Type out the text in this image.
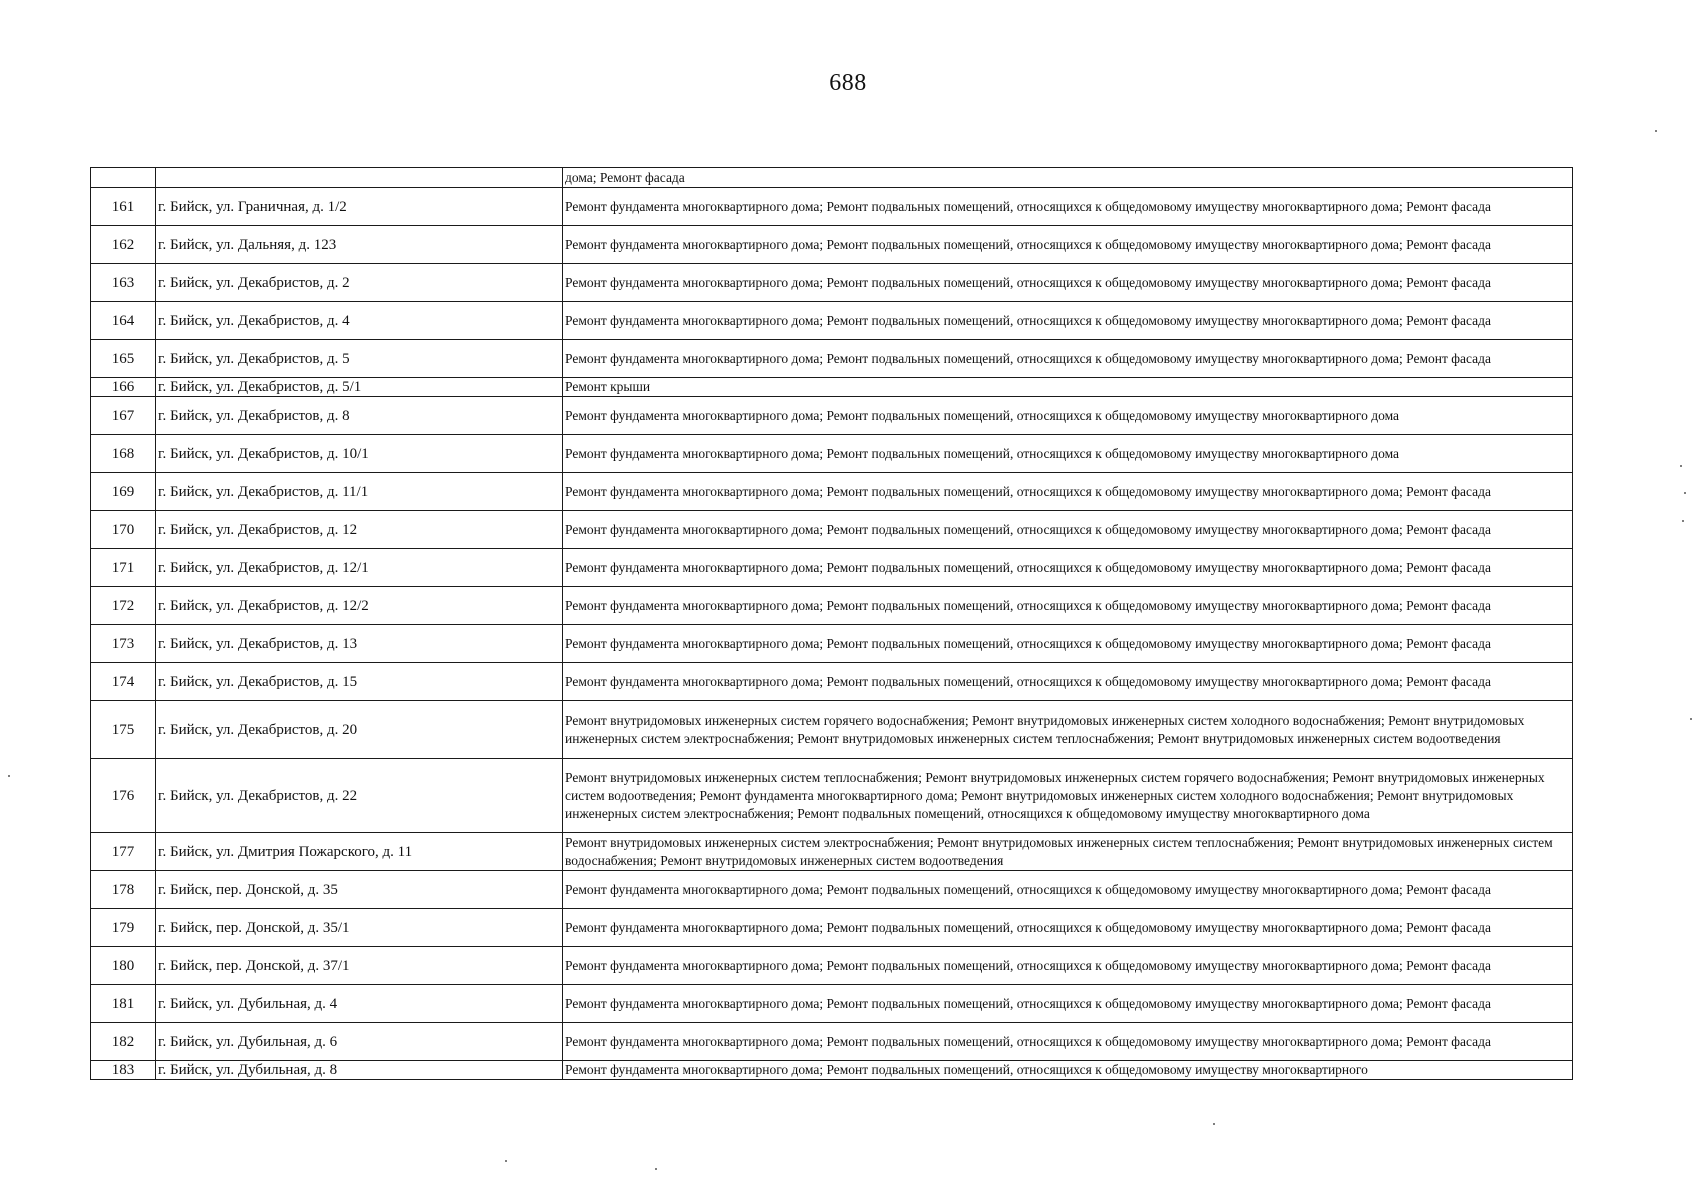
688
		дома; Ремонт фасада
161	г. Бийск, ул. Граничная, д. 1/2	Ремонт фундамента многоквартирного дома; Ремонт подвальных помещений, относящихся к общедомовому имуществу многоквартирного дома; Ремонт фасада
162	г. Бийск, ул. Дальняя, д. 123	Ремонт фундамента многоквартирного дома; Ремонт подвальных помещений, относящихся к общедомовому имуществу многоквартирного дома; Ремонт фасада
163	г. Бийск, ул. Декабристов, д. 2	Ремонт фундамента многоквартирного дома; Ремонт подвальных помещений, относящихся к общедомовому имуществу многоквартирного дома; Ремонт фасада
164	г. Бийск, ул. Декабристов, д. 4	Ремонт фундамента многоквартирного дома; Ремонт подвальных помещений, относящихся к общедомовому имуществу многоквартирного дома; Ремонт фасада
165	г. Бийск, ул. Декабристов, д. 5	Ремонт фундамента многоквартирного дома; Ремонт подвальных помещений, относящихся к общедомовому имуществу многоквартирного дома; Ремонт фасада
166	г. Бийск, ул. Декабристов, д. 5/1	Ремонт крыши
167	г. Бийск, ул. Декабристов, д. 8	Ремонт фундамента многоквартирного дома; Ремонт подвальных помещений, относящихся к общедомовому имуществу многоквартирного дома
168	г. Бийск, ул. Декабристов, д. 10/1	Ремонт фундамента многоквартирного дома; Ремонт подвальных помещений, относящихся к общедомовому имуществу многоквартирного дома
169	г. Бийск, ул. Декабристов, д. 11/1	Ремонт фундамента многоквартирного дома; Ремонт подвальных помещений, относящихся к общедомовому имуществу многоквартирного дома; Ремонт фасада
170	г. Бийск, ул. Декабристов, д. 12	Ремонт фундамента многоквартирного дома; Ремонт подвальных помещений, относящихся к общедомовому имуществу многоквартирного дома; Ремонт фасада
171	г. Бийск, ул. Декабристов, д. 12/1	Ремонт фундамента многоквартирного дома; Ремонт подвальных помещений, относящихся к общедомовому имуществу многоквартирного дома; Ремонт фасада
172	г. Бийск, ул. Декабристов, д. 12/2	Ремонт фундамента многоквартирного дома; Ремонт подвальных помещений, относящихся к общедомовому имуществу многоквартирного дома; Ремонт фасада
173	г. Бийск, ул. Декабристов, д. 13	Ремонт фундамента многоквартирного дома; Ремонт подвальных помещений, относящихся к общедомовому имуществу многоквартирного дома; Ремонт фасада
174	г. Бийск, ул. Декабристов, д. 15	Ремонт фундамента многоквартирного дома; Ремонт подвальных помещений, относящихся к общедомовому имуществу многоквартирного дома; Ремонт фасада
175	г. Бийск, ул. Декабристов, д. 20	Ремонт внутридомовых инженерных систем горячего водоснабжения; Ремонт внутридомовых инженерных систем холодного водоснабжения; Ремонт внутридомовых инженерных систем электроснабжения; Ремонт внутридомовых инженерных систем теплоснабжения; Ремонт внутридомовых инженерных систем водоотведения
176	г. Бийск, ул. Декабристов, д. 22	Ремонт внутридомовых инженерных систем теплоснабжения; Ремонт внутридомовых инженерных систем горячего водоснабжения; Ремонт внутридомовых инженерных систем водоотведения; Ремонт фундамента многоквартирного дома; Ремонт внутридомовых инженерных систем холодного водоснабжения; Ремонт внутридомовых инженерных систем электроснабжения; Ремонт подвальных помещений, относящихся к общедомовому имуществу многоквартирного дома
177	г. Бийск, ул. Дмитрия Пожарского, д. 11	Ремонт внутридомовых инженерных систем электроснабжения; Ремонт внутридомовых инженерных систем теплоснабжения; Ремонт внутридомовых инженерных систем водоснабжения; Ремонт внутридомовых инженерных систем водоотведения
178	г. Бийск, пер. Донской, д. 35	Ремонт фундамента многоквартирного дома; Ремонт подвальных помещений, относящихся к общедомовому имуществу многоквартирного дома; Ремонт фасада
179	г. Бийск, пер. Донской, д. 35/1	Ремонт фундамента многоквартирного дома; Ремонт подвальных помещений, относящихся к общедомовому имуществу многоквартирного дома; Ремонт фасада
180	г. Бийск, пер. Донской, д. 37/1	Ремонт фундамента многоквартирного дома; Ремонт подвальных помещений, относящихся к общедомовому имуществу многоквартирного дома; Ремонт фасада
181	г. Бийск, ул. Дубильная, д. 4	Ремонт фундамента многоквартирного дома; Ремонт подвальных помещений, относящихся к общедомовому имуществу многоквартирного дома; Ремонт фасада
182	г. Бийск, ул. Дубильная, д. 6	Ремонт фундамента многоквартирного дома; Ремонт подвальных помещений, относящихся к общедомовому имуществу многоквартирного дома; Ремонт фасада
183	г. Бийск, ул. Дубильная, д. 8	Ремонт фундамента многоквартирного дома; Ремонт подвальных помещений, относящихся к общедомовому имуществу многоквартирного
